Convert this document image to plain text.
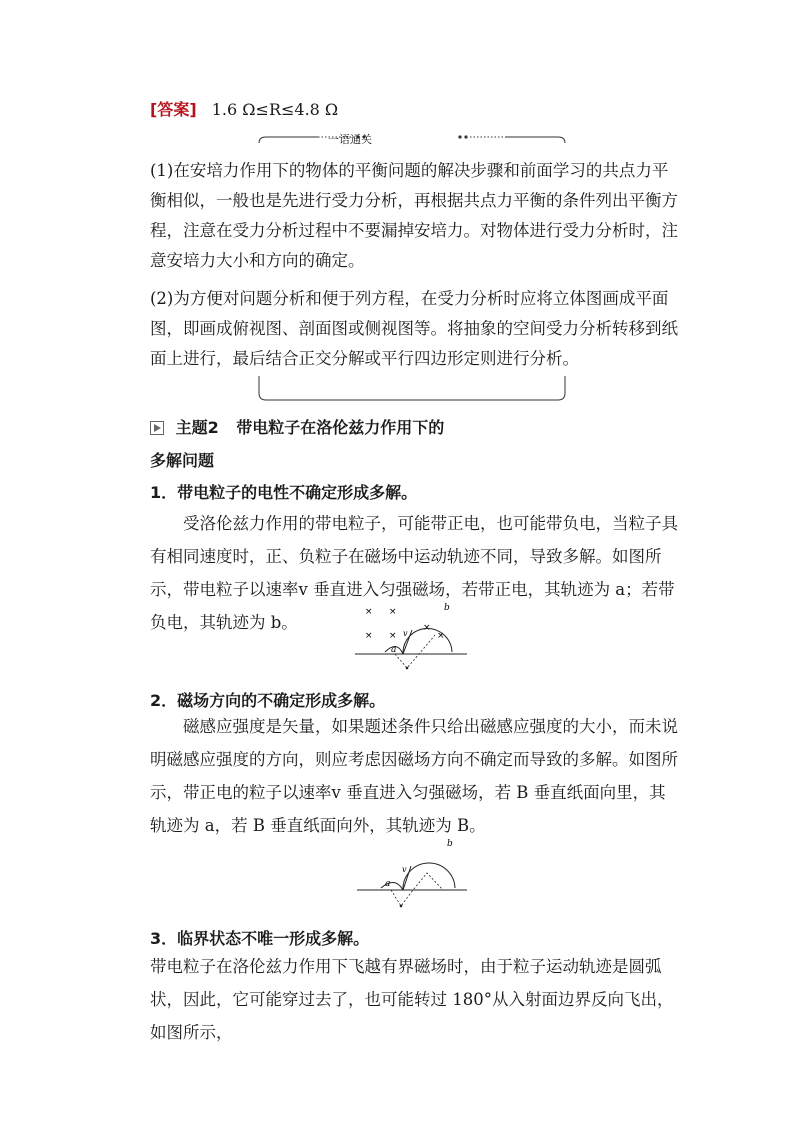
[答案] 1.6 Ω≤R≤4.8 Ω
一语通关

(1)在安培力作用下的物体的平衡问题的解决步骤和前面学习的共点力平衡相似，一般也是先进行受力分析，再根据共点力平衡的条件列出平衡方程，注意在受力分析过程中不要漏掉安培力。对物体进行受力分析时，注意安培力大小和方向的确定。

(2)为方便对问题分析和便于列方程，在受力分析时应将立体图画成平面图，即画成俯视图、剖面图或侧视图等。将抽象的空间受力分析转移到纸面上进行，最后结合正交分解或平行四边形定则进行分析。

主题2 带电粒子在洛伦兹力作用下的
多解问题
1．带电粒子的电性不确定形成多解。

受洛伦兹力作用的带电粒子，可能带正电，也可能带负电，当粒子具有相同速度时，正、负粒子在磁场中运动轨迹不同，导致多解。如图所示，带电粒子以速率v 垂直进入匀强磁场，若带正电，其轨迹为 a；若带负电，其轨迹为 b。

× ×
× ×
×
×
a
b
v
2．磁场方向的不确定形成多解。

磁感应强度是矢量，如果题述条件只给出磁感应强度的大小，而未说明磁感应强度的方向，则应考虑因磁场方向不确定而导致的多解。如图所示，带正电的粒子以速率v 垂直进入匀强磁场，若 B 垂直纸面向里，其轨迹为 a，若 B 垂直纸面向外，其轨迹为 B。

a
b
v
3．临界状态不唯一形成多解。

带电粒子在洛伦兹力作用下飞越有界磁场时，由于粒子运动轨迹是圆弧状，因此，它可能穿过去了，也可能转过 180°从入射面边界反向飞出，如图所示，
